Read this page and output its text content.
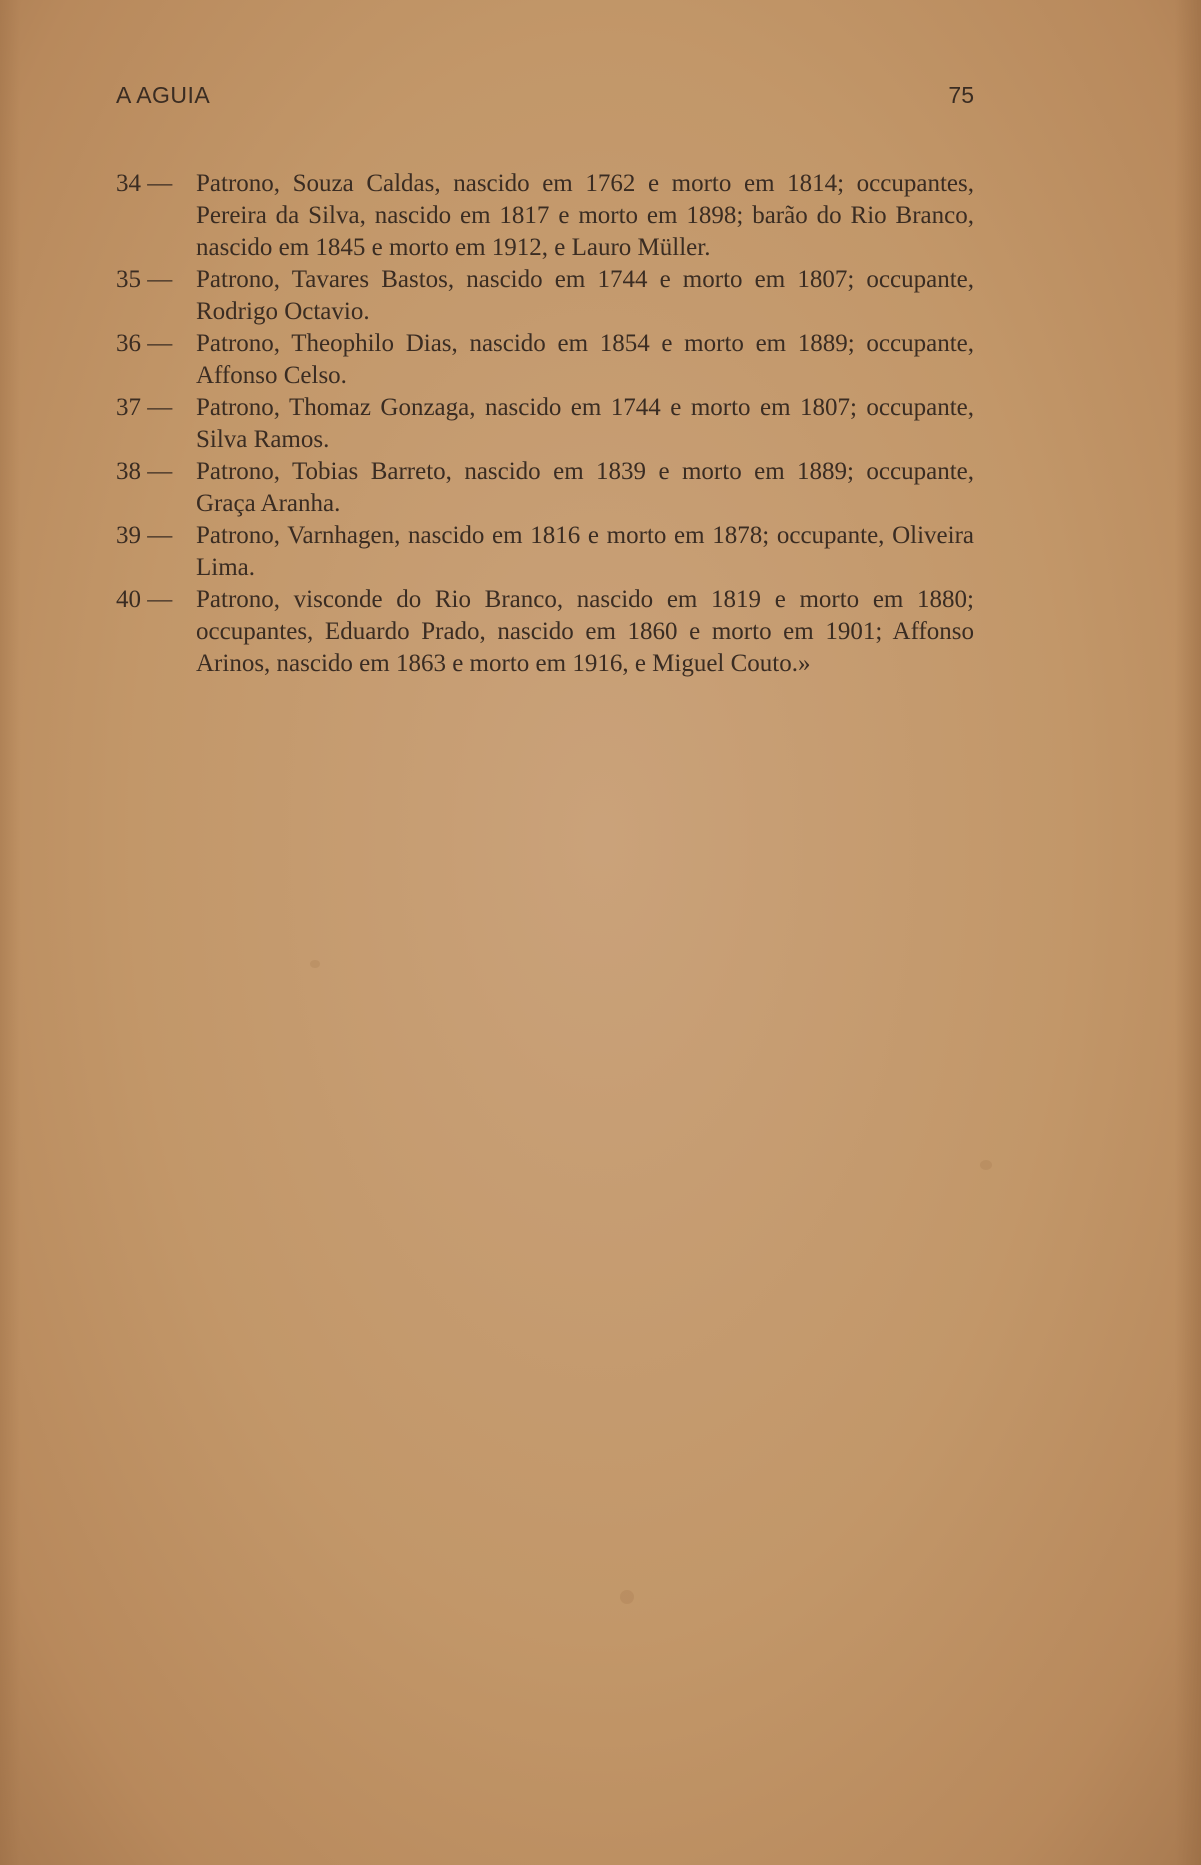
A AGUIA	75
34 — Patrono, Souza Caldas, nascido em 1762 e morto em 1814; occupantes, Pereira da Silva, nascido em 1817 e morto em 1898; barão do Rio Branco, nascido em 1845 e morto em 1912, e Lauro Müller.
35 — Patrono, Tavares Bastos, nascido em 1744 e morto em 1807; occupante, Rodrigo Octavio.
36 — Patrono, Theophilo Dias, nascido em 1854 e morto em 1889; occupante, Affonso Celso.
37 — Patrono, Thomaz Gonzaga, nascido em 1744 e morto em 1807; occupante, Silva Ramos.
38 — Patrono, Tobias Barreto, nascido em 1839 e morto em 1889; occupante, Graça Aranha.
39 — Patrono, Varnhagen, nascido em 1816 e morto em 1878; occupante, Oliveira Lima.
40 — Patrono, visconde do Rio Branco, nascido em 1819 e morto em 1880; occupantes, Eduardo Prado, nascido em 1860 e morto em 1901; Affonso Arinos, nascido em 1863 e morto em 1916, e Miguel Couto.»
